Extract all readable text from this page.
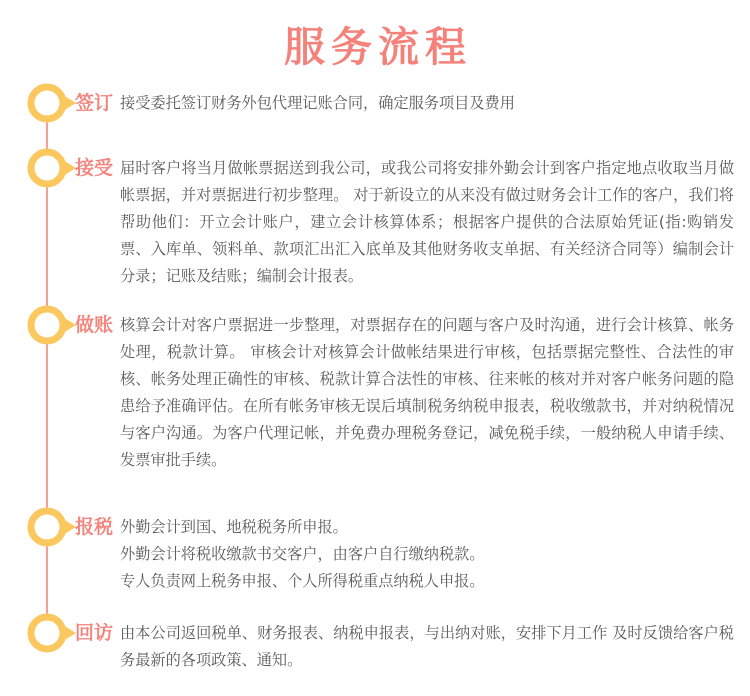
服务流程
签订 接受委托签订财务外包代理记账合同，确定服务项目及费用
接受 届时客户将当月做帐票据送到我公司，或我公司将安排外勤会计到客户指定地点收取当月做帐票据，并对票据进行初步整理。 对于新设立的从来没有做过财务会计工作的客户，我们将帮助他们：开立会计账户，建立会计核算体系；根据客户提供的合法原始凭证(指:购销发票、入库单、领料单、款项汇出汇入底单及其他财务收支单据、有关经济合同等）编制会计分录；记账及结账；编制会计报表。
做账 核算会计对客户票据进一步整理，对票据存在的问题与客户及时沟通，进行会计核算、帐务处理，税款计算。 审核会计对核算会计做帐结果进行审核，包括票据完整性、合法性的审核、帐务处理正确性的审核、税款计算合法性的审核、往来帐的核对并对客户帐务问题的隐患给予准确评估。在所有帐务审核无误后填制税务纳税申报表，税收缴款书，并对纳税情况与客户沟通。为客户代理记帐，并免费办理税务登记，减免税手续，一般纳税人申请手续、发票审批手续。
报税 外勤会计到国、地税税务所申报。
外勤会计将税收缴款书交客户，由客户自行缴纳税款。
专人负责网上税务申报、个人所得税重点纳税人申报。
回访 由本公司返回税单、财务报表、纳税申报表，与出纳对账，安排下月工作 及时反馈给客户税务最新的各项政策、通知。
